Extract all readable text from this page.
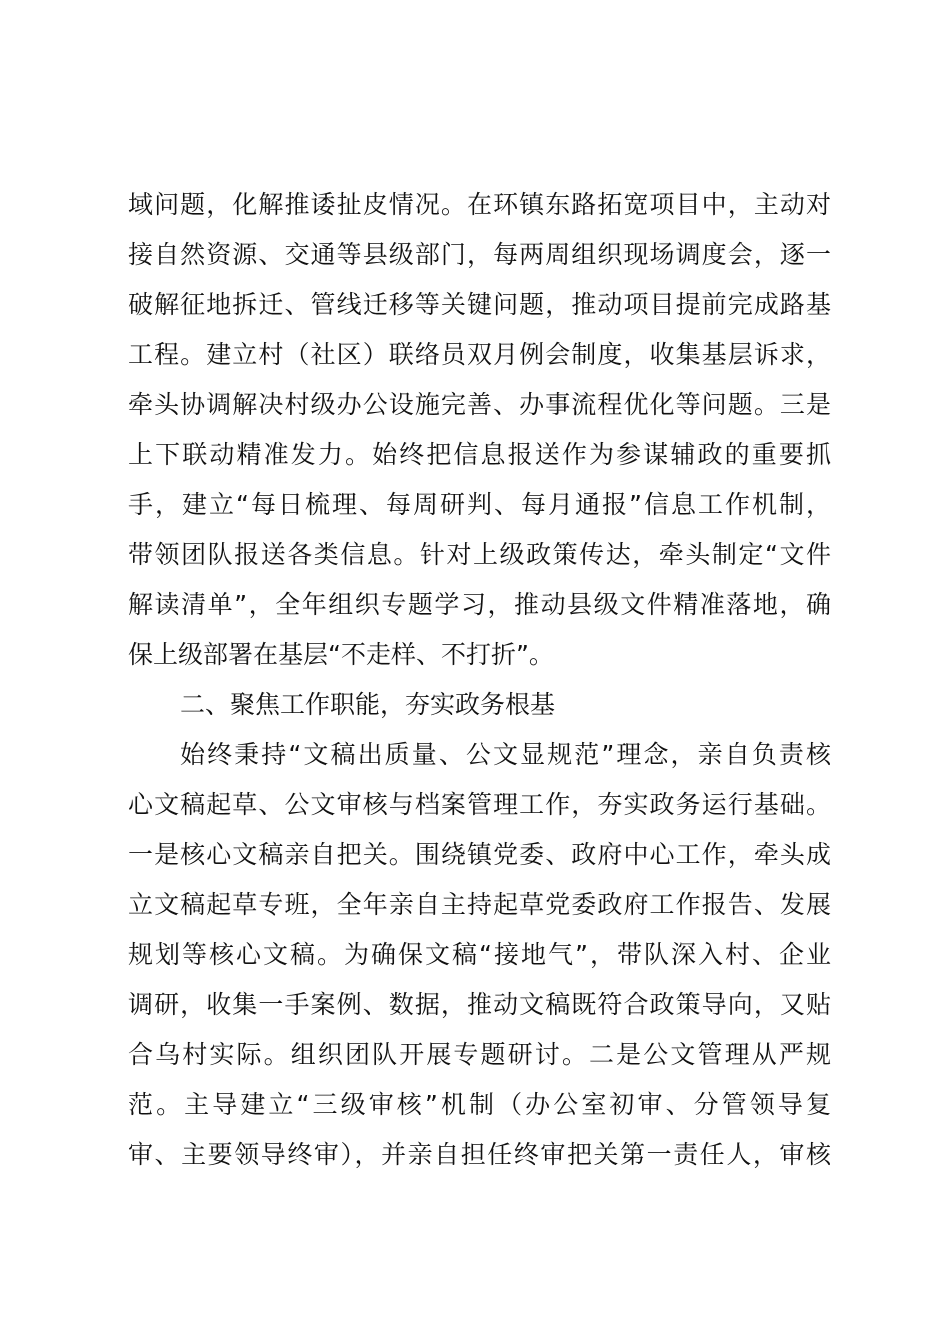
域问题，化解推诿扯皮情况。在环镇东路拓宽项目中，主动对
接自然资源、交通等县级部门，每两周组织现场调度会，逐一
破解征地拆迁、管线迁移等关键问题，推动项目提前完成路基
工程。建立村（社区）联络员双月例会制度，收集基层诉求，
牵头协调解决村级办公设施完善、办事流程优化等问题。三是
上下联动精准发力。始终把信息报送作为参谋辅政的重要抓
手，建立“每日梳理、每周研判、每月通报”信息工作机制，
带领团队报送各类信息。针对上级政策传达，牵头制定“文件
解读清单”，全年组织专题学习，推动县级文件精准落地，确
保上级部署在基层“不走样、不打折”。
二、聚焦工作职能，夯实政务根基
始终秉持“文稿出质量、公文显规范”理念，亲自负责核
心文稿起草、公文审核与档案管理工作，夯实政务运行基础。
一是核心文稿亲自把关。围绕镇党委、政府中心工作，牵头成
立文稿起草专班，全年亲自主持起草党委政府工作报告、发展
规划等核心文稿。为确保文稿“接地气”，带队深入村、企业
调研，收集一手案例、数据，推动文稿既符合政策导向，又贴
合乌村实际。组织团队开展专题研讨。二是公文管理从严规
范。主导建立“三级审核”机制（办公室初审、分管领导复
审、主要领导终审），并亲自担任终审把关第一责任人，审核
